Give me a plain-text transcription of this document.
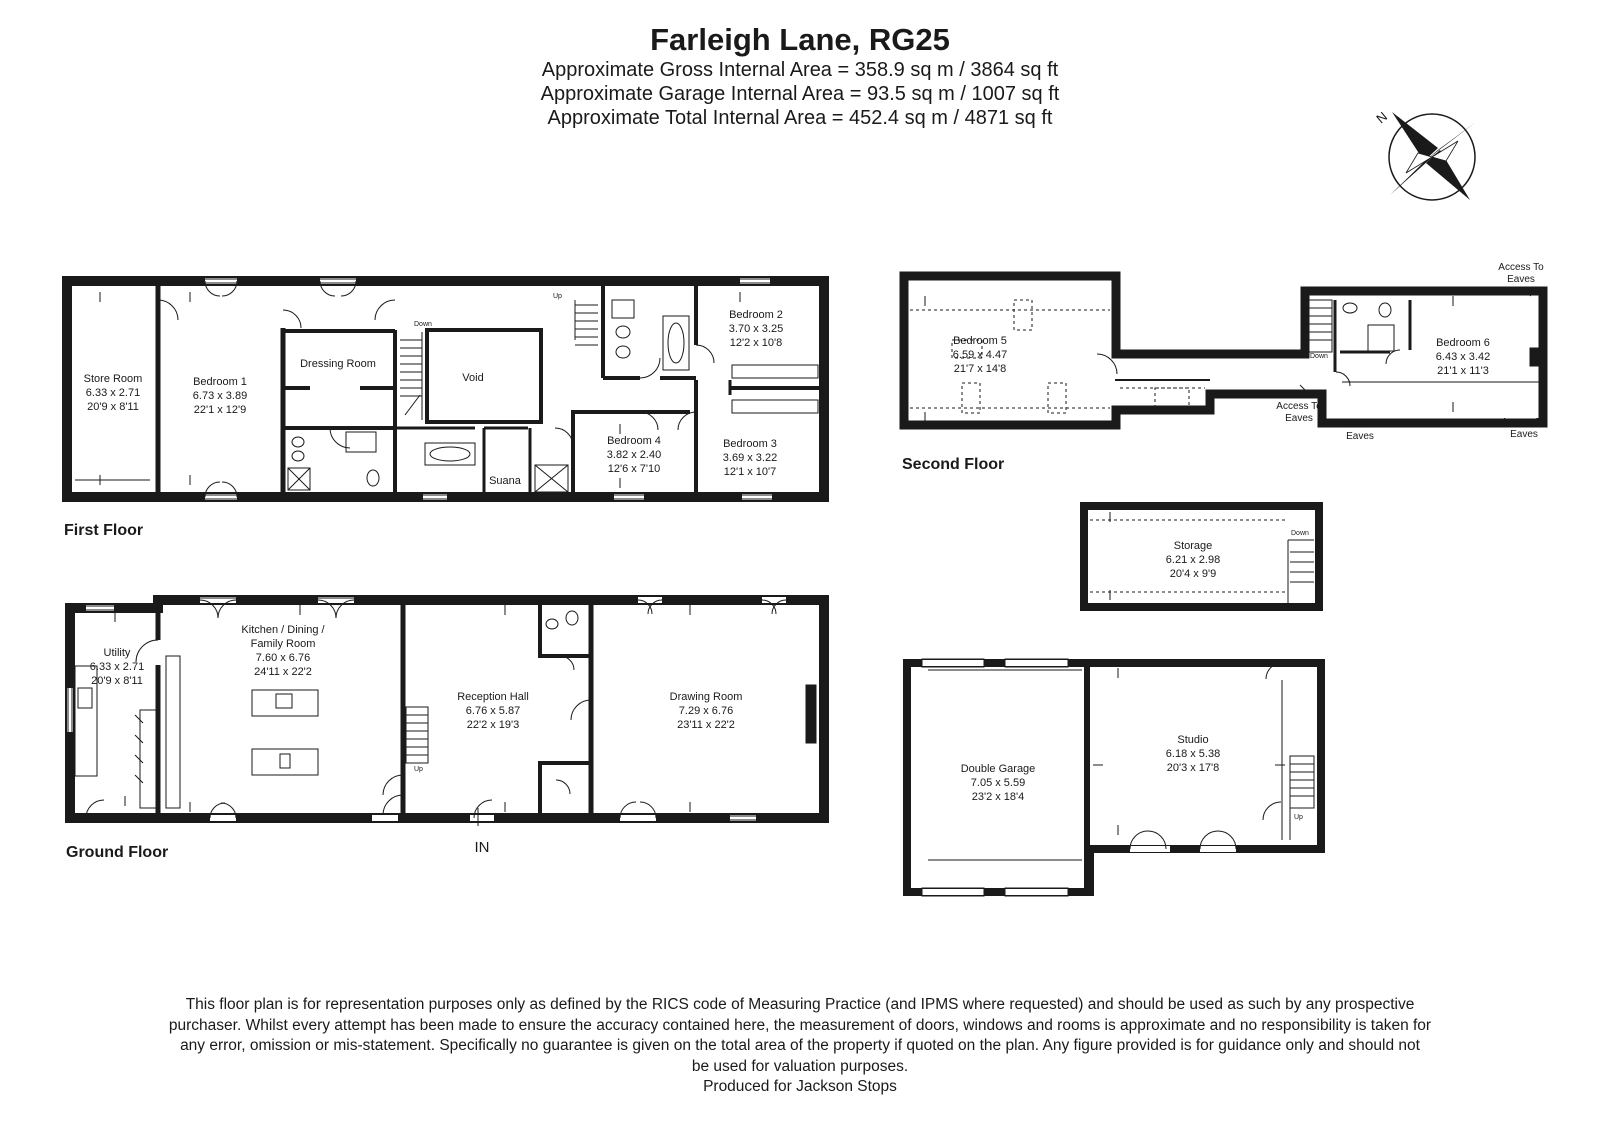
Farleigh Lane, RG25
Approximate Gross Internal Area = 358.9 sq m / 3864 sq ft
Approximate Garage Internal Area = 93.5 sq m / 1007 sq ft
Approximate Total Internal Area = 452.4 sq m / 4871 sq ft	N
Store Room
6.33 x 2.71
20'9 x 8'11
Bedroom 1
6.73 x 3.89
22'1 x 12'9
Dressing Room
Void
Bedroom 2
3.70 x 3.25
12'2 x 10'8
Bedroom 3
3.69 x 3.22
12'1 x 10'7
Bedroom 4
3.82 x 2.40
12'6 x 7'10
Suana
Utility
6.33 x 2.71
20'9 x 8'11
Kitchen / Dining /
Family Room
7.60 x 6.76
24'11 x 22'2
Reception Hall
6.76 x 5.87
22'2 x 19'3
Drawing Room
7.29 x 6.76
23'11 x 22'2
Bedroom 5
6.59 x 4.47
21'7 x 14'8
Bedroom 6
6.43 x 3.42
21'1 x 11'3
Storage
6.21 x 2.98
20'4 x 9'9
Double Garage
7.05 x 5.59
23'2 x 18'4
Studio
6.18 x 5.38
20'3 x 17'8
Down
Up
Up
Down
Down
Up
Access To
Eaves
Access To
Eaves
Access To
Eaves
Access To
Eaves
IN
First Floor
Ground Floor
Second Floor
This floor plan is for representation purposes only as defined by the RICS code of Measuring Practice (and IPMS where requested) and should be used as such by any prospective
purchaser. Whilst every attempt has been made to ensure the accuracy contained here, the measurement of doors, windows and rooms is approximate and no responsibility is taken for
any error, omission or mis-statement. Specifically no guarantee is given on the total area of the property if quoted on the plan. Any figure provided is for guidance only and should not
be used for valuation purposes.
Produced for Jackson Stops
